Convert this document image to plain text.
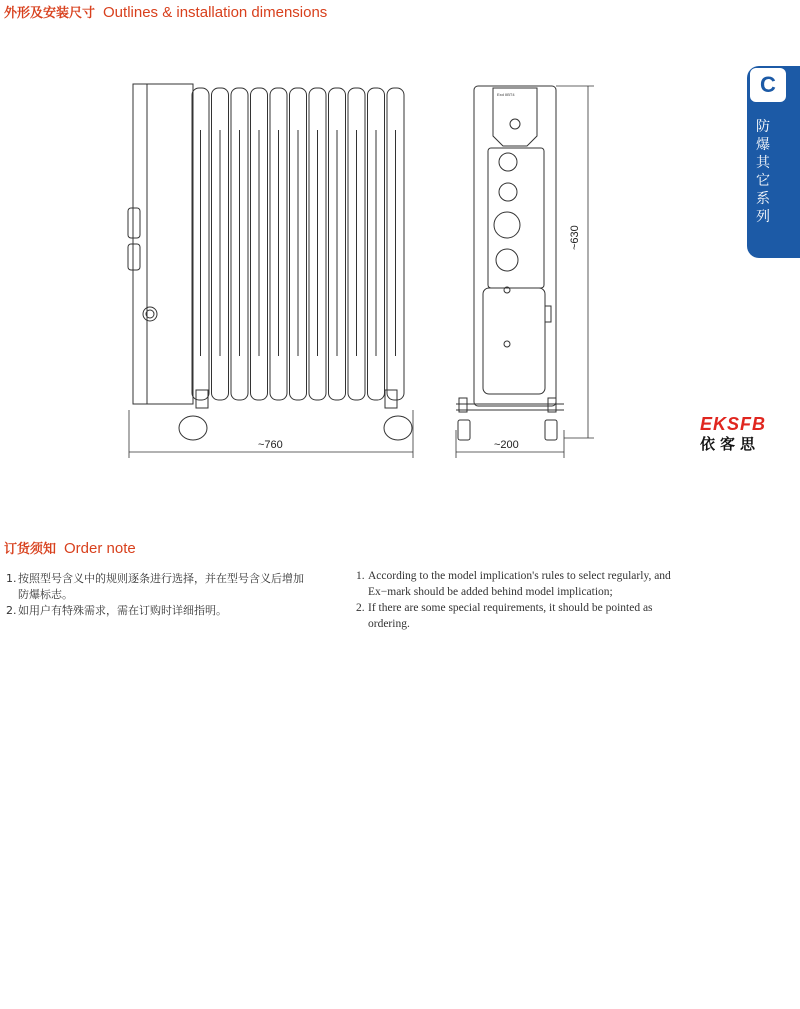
外形及安装尺寸 Outlines & installation dimensions
~760
Exd IIBT4
~200
~630
C
防爆其它系列
EKSFB
依客思
订货须知 Order note
1. 按照型号含义中的规则逐条进行选择，并在型号含义后增加防爆标志。
2. 如用户有特殊需求，需在订购时详细指明。
1. According to the model implication's rules to select regularly, and Ex−mark should be added behind model implication;
2. If there are some special requirements, it should be pointed as ordering.
